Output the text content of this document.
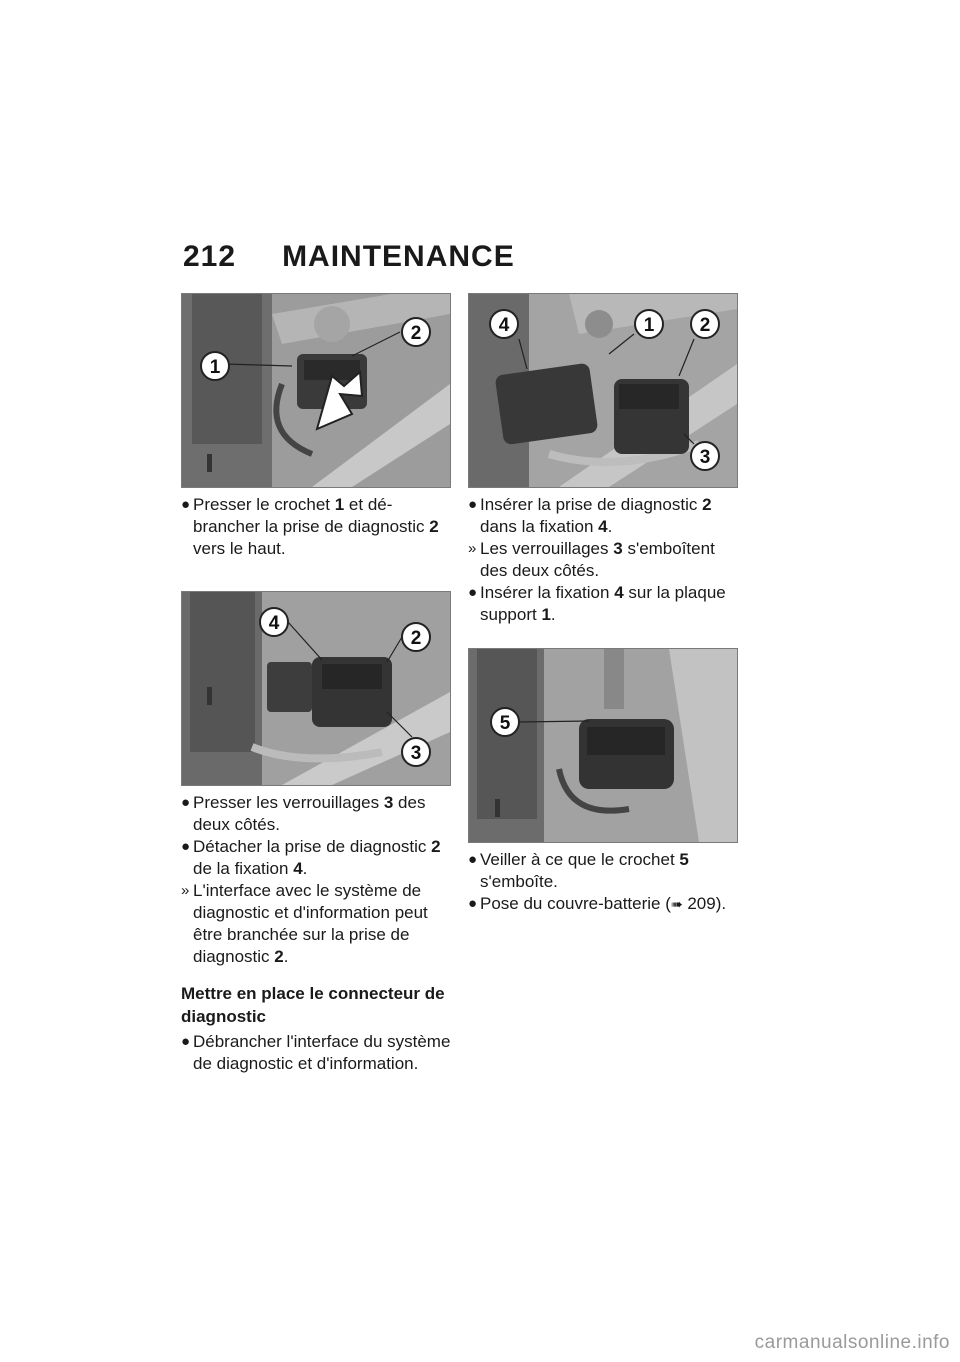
212 MAINTENANCE
1
2
● Presser le crochet 1 et débrancher la prise de diagnostic 2 vers le haut.
4
2
3
● Presser les verrouillages 3 des deux côtés.
● Détacher la prise de diagnostic 2 de la fixation 4.
» L'interface avec le système de diagnostic et d'information peut être branchée sur la prise de diagnostic 2.
Mettre en place le connecteur de diagnostic
● Débrancher l'interface du système de diagnostic et d'information.
4	1 2
3
● Insérer la prise de diagnostic 2 dans la fixation 4.
» Les verrouillages 3 s'emboîtent des deux côtés.
● Insérer la fixation 4 sur la plaque support 1.
5
● Veiller à ce que le crochet 5 s'emboîte.
● Pose du couvre-batterie (➠ 209).
carmanualsonline.info
